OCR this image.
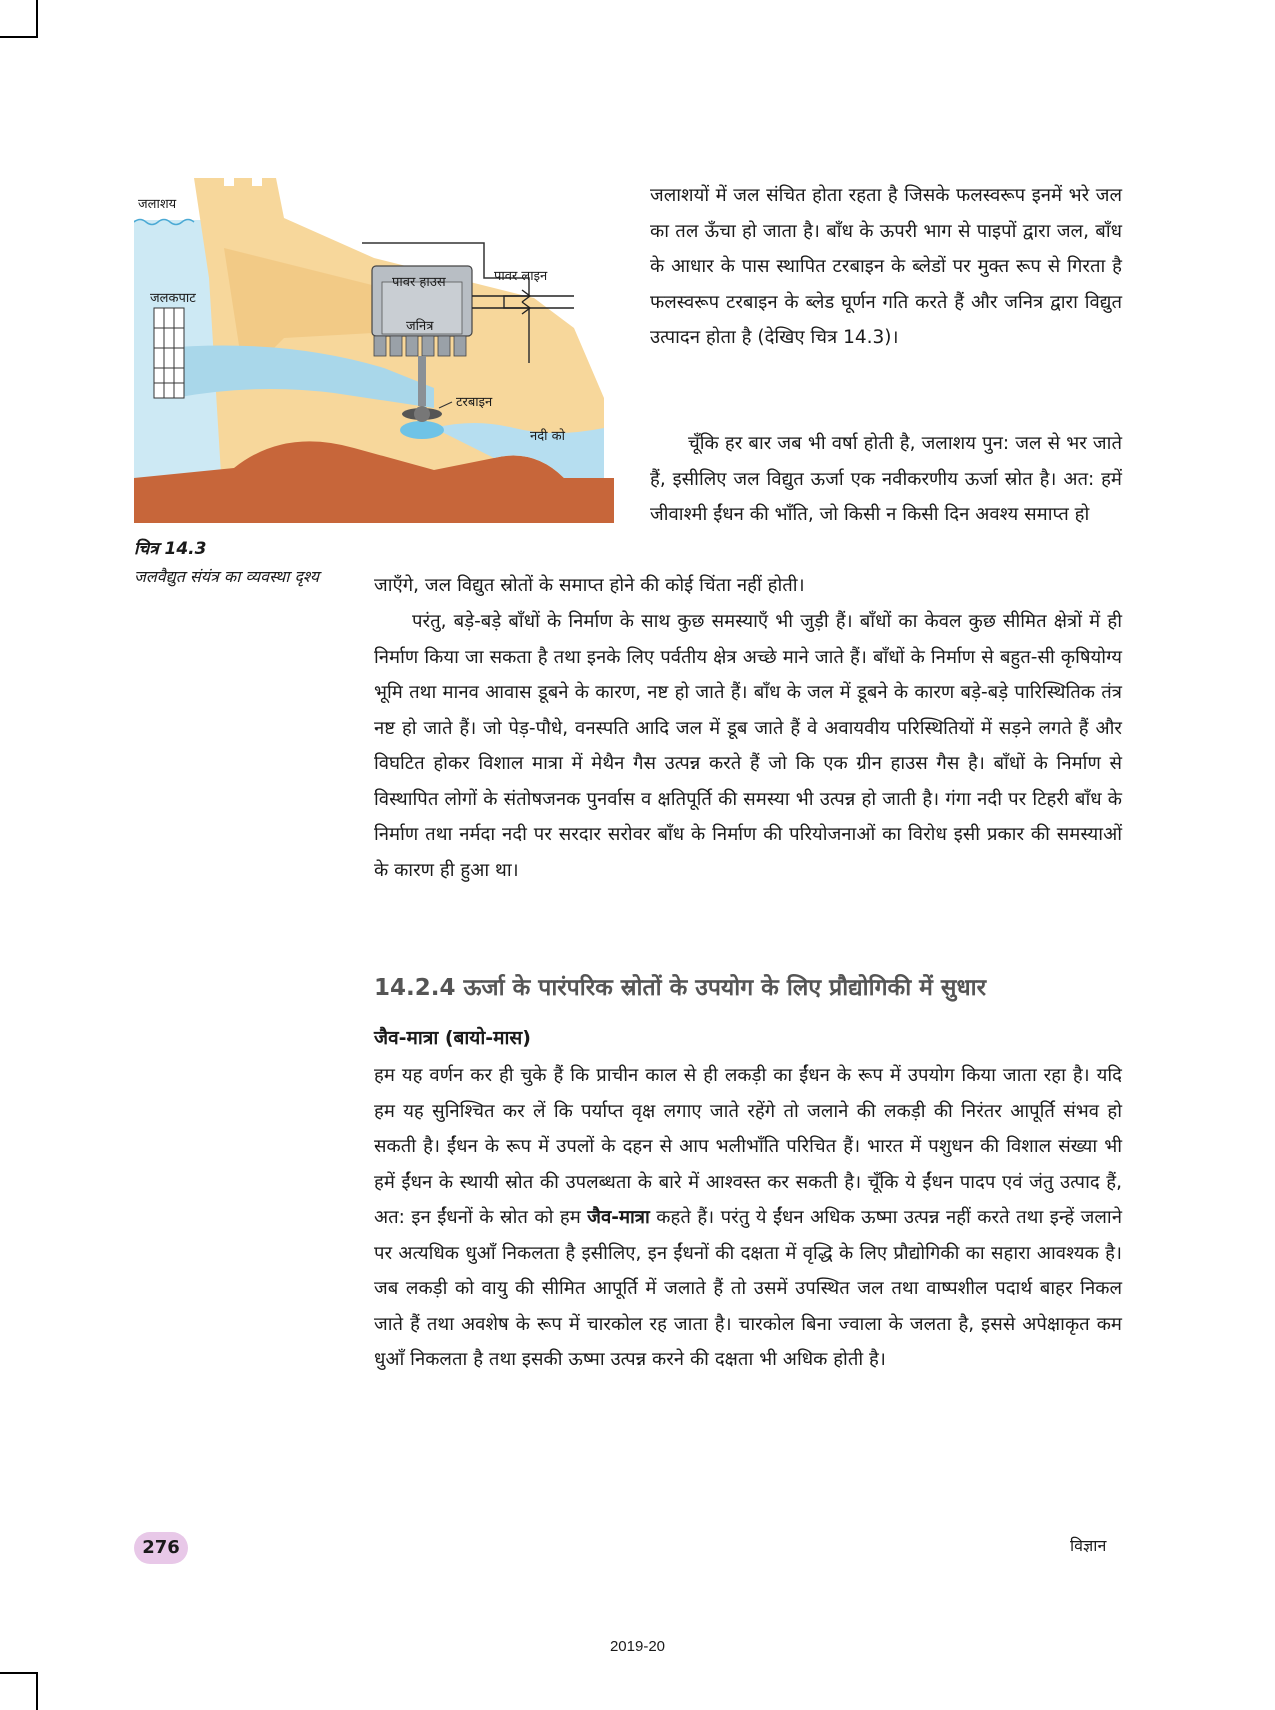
जलाशय
जलकपाट
पावर हाउस	पावर लाइन
जनित्र
टरबाइन
नदी को
चित्र 14.3
जलवैद्युत संयंत्र का व्यवस्था दृश्य
जलाशयों में जल संचित होता रहता है जिसके फलस्वरूप इनमें भरे जल का तल ऊँचा हो जाता है। बाँध के ऊपरी भाग से पाइपों द्वारा जल, बाँध के आधार के पास स्थापित टरबाइन के ब्लेडों पर मुक्त रूप से गिरता है फलस्वरूप टरबाइन के ब्लेड घूर्णन गति करते हैं और जनित्र द्वारा विद्युत उत्पादन होता है (देखिए चित्र 14.3)।
चूँकि हर बार जब भी वर्षा होती है, जलाशय पुन: जल से भर जाते हैं, इसीलिए जल विद्युत ऊर्जा एक नवीकरणीय ऊर्जा स्रोत है। अत: हमें जीवाश्मी ईंधन की भाँति, जो किसी न किसी दिन अवश्य समाप्त हो
जाएँगे, जल विद्युत स्रोतों के समाप्त होने की कोई चिंता नहीं होती।
परंतु, बड़े-बड़े बाँधों के निर्माण के साथ कुछ समस्याएँ भी जुड़ी हैं। बाँधों का केवल कुछ सीमित क्षेत्रों में ही निर्माण किया जा सकता है तथा इनके लिए पर्वतीय क्षेत्र अच्छे माने जाते हैं। बाँधों के निर्माण से बहुत-सी कृषियोग्य भूमि तथा मानव आवास डूबने के कारण, नष्ट हो जाते हैं। बाँध के जल में डूबने के कारण बड़े-बड़े पारिस्थितिक तंत्र नष्ट हो जाते हैं। जो पेड़-पौधे, वनस्पति आदि जल में डूब जाते हैं वे अवायवीय परिस्थितियों में सड़ने लगते हैं और विघटित होकर विशाल मात्रा में मेथैन गैस उत्पन्न करते हैं जो कि एक ग्रीन हाउस गैस है। बाँधों के निर्माण से विस्थापित लोगों के संतोषजनक पुनर्वास व क्षतिपूर्ति की समस्या भी उत्पन्न हो जाती है। गंगा नदी पर टिहरी बाँध के निर्माण तथा नर्मदा नदी पर सरदार सरोवर बाँध के निर्माण की परियोजनाओं का विरोध इसी प्रकार की समस्याओं के कारण ही हुआ था।
14.2.4 ऊर्जा के पारंपरिक स्रोतों के उपयोग के लिए प्रौद्योगिकी में सुधार
जैव-मात्रा (बायो-मास)
हम यह वर्णन कर ही चुके हैं कि प्राचीन काल से ही लकड़ी का ईंधन के रूप में उपयोग किया जाता रहा है। यदि हम यह सुनिश्चित कर लें कि पर्याप्त वृक्ष लगाए जाते रहेंगे तो जलाने की लकड़ी की निरंतर आपूर्ति संभव हो सकती है। ईंधन के रूप में उपलों के दहन से आप भलीभाँति परिचित हैं। भारत में पशुधन की विशाल संख्या भी हमें ईंधन के स्थायी स्रोत की उपलब्धता के बारे में आश्वस्त कर सकती है। चूँकि ये ईंधन पादप एवं जंतु उत्पाद हैं, अत: इन ईंधनों के स्रोत को हम जैव-मात्रा कहते हैं। परंतु ये ईंधन अधिक ऊष्मा उत्पन्न नहीं करते तथा इन्हें जलाने पर अत्यधिक धुआँ निकलता है इसीलिए, इन ईंधनों की दक्षता में वृद्धि के लिए प्रौद्योगिकी का सहारा आवश्यक है। जब लकड़ी को वायु की सीमित आपूर्ति में जलाते हैं तो उसमें उपस्थित जल तथा वाष्पशील पदार्थ बाहर निकल जाते हैं तथा अवशेष के रूप में चारकोल रह जाता है। चारकोल बिना ज्वाला के जलता है, इससे अपेक्षाकृत कम धुआँ निकलता है तथा इसकी ऊष्मा उत्पन्न करने की दक्षता भी अधिक होती है।
276	विज्ञान
2019-20
